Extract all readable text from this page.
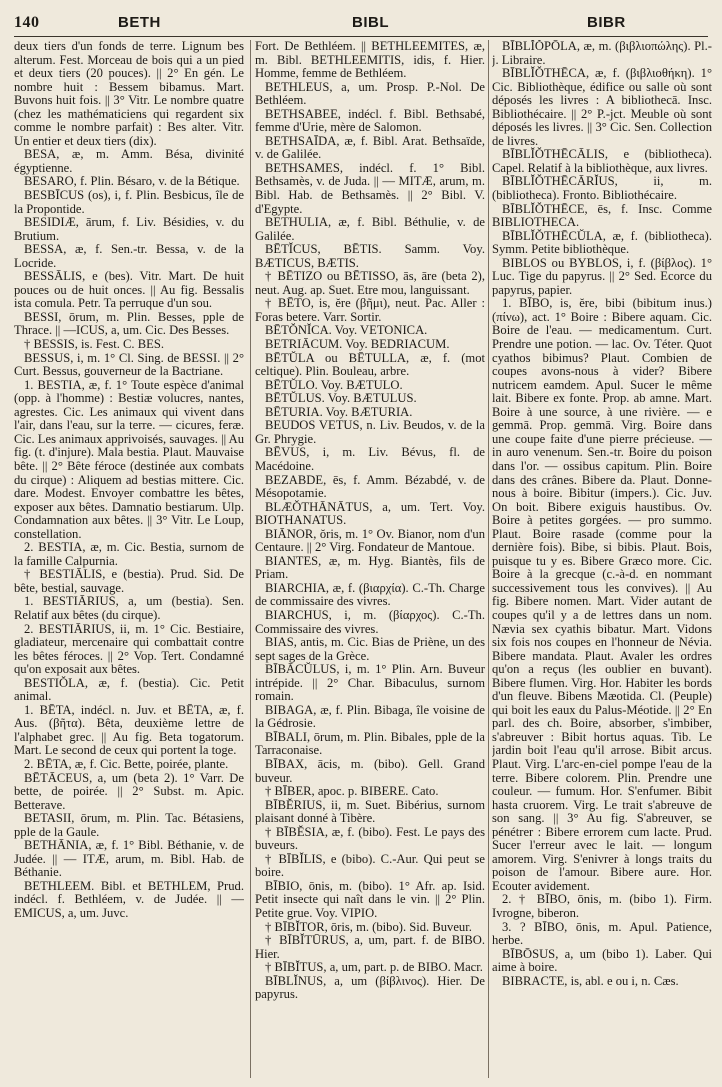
140	BETH	BIBL	BIBR

deux tiers d'un fonds de terre. Lignum bes alterum. Fest. Morceau de bois qui a un pied et deux tiers (20 pouces). || 2° En gén. Le nombre huit : Bessem bibamus. Mart. Buvons huit fois. || 3° Vitr. Le nombre quatre (chez les mathématiciens qui regardent six comme le nombre parfait) : Bes alter. Vitr. Un entier et deux tiers (dix).

BESA, æ, m. Amm. Bésa, divinité égyptienne.

BESARO, f. Plin. Bésaro, v. de la Bétique.

BESBĪCUS (os), i, f. Plin. Besbicus, île de la Propontide.

BESIDIÆ, ārum, f. Liv. Bésidies, v. du Brutium.

BESSA, æ, f. Sen.-tr. Bessa, v. de la Locride.

BESSĀLIS, e (bes). Vitr. Mart. De huit pouces ou de huit onces. || Au fig. Bessalis ista comula. Petr. Ta perruque d'un sou.

BESSI, ōrum, m. Plin. Besses, pple de Thrace. || —ICUS, a, um. Cic. Des Besses.

† BESSIS, is. Fest. C. BES.

BESSUS, i, m. 1° Cl. Sing. de BESSI. || 2° Curt. Bessus, gouverneur de la Bactriane.

1. BESTIA, æ, f. 1° Toute espèce d'animal (opp. à l'homme) : Bestiæ volucres, nantes, agrestes. Cic. Les animaux qui vivent dans l'air, dans l'eau, sur la terre. — cicures, feræ. Cic. Les animaux apprivoisés, sauvages. || Au fig. (t. d'injure). Mala bestia. Plaut. Mauvaise bête. || 2° Bête féroce (destinée aux combats du cirque) : Aliquem ad bestias mittere. Cic. dare. Modest. Envoyer combattre les bêtes, exposer aux bêtes. Damnatio bestiarum. Ulp. Condamnation aux bêtes. || 3° Vitr. Le Loup, constellation.

2. BESTIA, æ, m. Cic. Bestia, surnom de la famille Calpurnia.

† BESTIĀLIS, e (bestia). Prud. Sid. De bête, bestial, sauvage.

1. BESTIĀRIUS, a, um (bestia). Sen. Relatif aux bêtes (du cirque).

2. BESTIĀRIUS, ii, m. 1° Cic. Bestiaire, gladiateur, mercenaire qui combattait contre les bêtes féroces. || 2° Vop. Tert. Condamné qu'on exposait aux bêtes.

BESTIŎLA, æ, f. (bestia). Cic. Petit animal.

1. BĒTA, indécl. n. Juv. et BĒTA, æ, f. Aus. (βῆτα). Bêta, deuxième lettre de l'alphabet grec. || Au fig. Beta togatorum. Mart. Le second de ceux qui portent la toge.

2. BĒTA, æ, f. Cic. Bette, poirée, plante.

BĒTĀCEUS, a, um (beta 2). 1° Varr. De bette, de poirée. || 2° Subst. m. Apic. Betterave.

BETASII, ōrum, m. Plin. Tac. Bétasiens, pple de la Gaule.

BETHĀNIA, æ, f. 1° Bibl. Béthanie, v. de Judée. || — ITÆ, arum, m. Bibl. Hab. de Béthanie.

BETHLEEM. Bibl. et BETHLEM, Prud. indécl. f. Bethléem, v. de Judée. || — EMICUS, a, um. Juvc.

Fort. De Bethléem. || BETHLEEMITES, æ, m. Bibl. BETHLEEMITIS, idis, f. Hier. Homme, femme de Bethléem.

BETHLEUS, a, um. Prosp. P.-Nol. De Bethléem.

BETHSABEE, indécl. f. Bibl. Bethsabé, femme d'Urie, mère de Salomon.

BETHSAĪDA, æ, f. Bibl. Arat. Bethsaïde, v. de Galilée.

BETHSAMES, indécl. f. 1° Bibl. Bethsamès, v. de Juda. || — MITÆ, arum, m. Bibl. Hab. de Bethsamès. || 2° Bibl. V. d'Egypte.

BETHULIA, æ, f. Bibl. Béthulie, v. de Galilée.

BĒTĬCUS, BĒTIS. Samm. Voy. BÆTICUS, BÆTIS.

† BĒTIZO ou BĒTISSO, ās, āre (beta 2), neut. Aug. ap. Suet. Etre mou, languissant.

† BĒTO, is, ĕre (βῆμι), neut. Pac. Aller : Foras betere. Varr. Sortir.

BĒTŎNĬCA. Voy. VETONICA.

BETRIĀCUM. Voy. BEDRIACUM.

BĒTŬLA ou BĒTULLA, æ, f. (mot celtique). Plin. Bouleau, arbre.

BĒTŬLO. Voy. BÆTULO.

BĒTŬLUS. Voy. BÆTULUS.

BĒTURIA. Voy. BÆTURIA.

BEUDOS VETUS, n. Liv. Beudos, v. de la Gr. Phrygie.

BĒVUS, i, m. Liv. Bévus, fl. de Macédoine.

BEZABDE, ēs, f. Amm. Bézabdé, v. de Mésopotamie.

BLÆŎTHĀNĀTUS, a, um. Tert. Voy. BIOTHANATUS.

BIĀNOR, ŏris, m. 1° Ov. Bianor, nom d'un Centaure. || 2° Virg. Fondateur de Mantoue.

BIANTES, æ, m. Hyg. Biantès, fils de Priam.

BIARCHIA, æ, f. (βιαρχία). C.-Th. Charge de commissaire des vivres.

BIARCHUS, i, m. (βίαρχος). C.-Th. Commissaire des vivres.

BIAS, antis, m. Cic. Bias de Priène, un des sept sages de la Grèce.

BĪBĀCŬLUS, i, m. 1° Plin. Arn. Buveur intrépide. || 2° Char. Bibaculus, surnom romain.

BIBAGA, æ, f. Plin. Bibaga, île voisine de la Gédrosie.

BĪBALI, ōrum, m. Plin. Bibales, pple de la Tarraconaise.

BĪBAX, ācis, m. (bibo). Gell. Grand buveur.

† BĪBER, apoc. p. BIBERE. Cato.

BĪBĔRIUS, ii, m. Suet. Bibérius, surnom plaisant donné à Tibère.

† BĪBĔSIA, æ, f. (bibo). Fest. Le pays des buveurs.

† BĪBĬLIS, e (bibo). C.-Aur. Qui peut se boire.

BĪBIO, ōnis, m. (bibo). 1° Afr. ap. Isid. Petit insecte qui naît dans le vin. || 2° Plin. Petite grue. Voy. VIPIO.

† BĪBĬTOR, ōris, m. (bibo). Sid. Buveur.

† BĪBĬTŪRUS, a, um, part. f. de BIBO. Hier.

† BĪBĬTUS, a, um, part. p. de BIBO. Macr.

BĪBLĬNUS, a, um (βίβλινος). Hier. De papyrus.

BĪBLĬŎPŌLA, æ, m. (βιβλιοπώλης). Pl.-j. Libraire.

BĪBLĬŎTHĒCA, æ, f. (βιβλιοθήκη). 1° Cic. Bibliothèque, édifice ou salle où sont déposés les livres : A bibliothecā. Insc. Bibliothécaire. || 2° P.-jct. Meuble où sont déposés les livres. || 3° Cic. Sen. Collection de livres.

BĪBLĬŎTHĒCĀLIS, e (bibliotheca). Capel. Relatif à la bibliothèque, aux livres.

BĪBLĬŎTHĒCĀRĬUS, ii, m. (bibliotheca). Fronto. Bibliothécaire.

BĪBLĬŎTHĒCE, ēs, f. Insc. Comme BIBLIOTHECA.

BĪBLĬŎTHĒCŬLA, æ, f. (bibliotheca). Symm. Petite bibliothèque.

BIBLOS ou BYBLOS, i, f. (βίβλος). 1° Luc. Tige du papyrus. || 2° Sed. Ecorce du papyrus, papier.

1. BĪBO, is, ĕre, bibi (bibitum inus.) (πίνω), act. 1° Boire : Bibere aquam. Cic. Boire de l'eau. — medicamentum. Curt. Prendre une potion. — lac. Ov. Téter. Quot cyathos bibimus? Plaut. Combien de coupes avons-nous à vider? Bibere nutricem eamdem. Apul. Sucer le même lait. Bibere ex fonte. Prop. ab amne. Mart. Boire à une source, à une rivière. — e gemmā. Prop. gemmā. Virg. Boire dans une coupe faite d'une pierre précieuse. — in auro venenum. Sen.-tr. Boire du poison dans l'or. — ossibus capitum. Plin. Boire dans des crânes. Bibere da. Plaut. Donne-nous à boire. Bibitur (impers.). Cic. Juv. On boit. Bibere exiguis haustibus. Ov. Boire à petites gorgées. — pro summo. Plaut. Boire rasade (comme pour la dernière fois). Bibe, si bibis. Plaut. Bois, puisque tu y es. Bibere Græco more. Cic. Boire à la grecque (c.-à-d. en nommant successivement tous les convives). || Au fig. Bibere nomen. Mart. Vider autant de coupes qu'il y a de lettres dans un nom. Nævia sex cyathis bibatur. Mart. Vidons six fois nos coupes en l'honneur de Névia. Bibere mandata. Plaut. Avaler les ordres qu'on a reçus (les oublier en buvant). Bibere flumen. Virg. Hor. Habiter les bords d'un fleuve. Bibens Mæotida. Cl. (Peuple) qui boit les eaux du Palus-Méotide. || 2° En parl. des ch. Boire, absorber, s'imbiber, s'abreuver : Bibit hortus aquas. Tib. Le jardin boit l'eau qu'il arrose. Bibit arcus. Plaut. Virg. L'arc-en-ciel pompe l'eau de la terre. Bibere colorem. Plin. Prendre une couleur. — fumum. Hor. S'enfumer. Bibit hasta cruorem. Virg. Le trait s'abreuve de son sang. || 3° Au fig. S'abreuver, se pénétrer : Bibere errorem cum lacte. Prud. Sucer l'erreur avec le lait. — longum amorem. Virg. S'enivrer à longs traits du poison de l'amour. Bibere aure. Hor. Ecouter avidement.

2. † BĪBO, ōnis, m. (bibo 1). Firm. Ivrogne, biberon.

3. ? BĪBO, ōnis, m. Apul. Patience, herbe.

BĪBŌSUS, a, um (bibo 1). Laber. Qui aime à boire.

BIBRACTE, is, abl. e ou i, n. Cæs.
